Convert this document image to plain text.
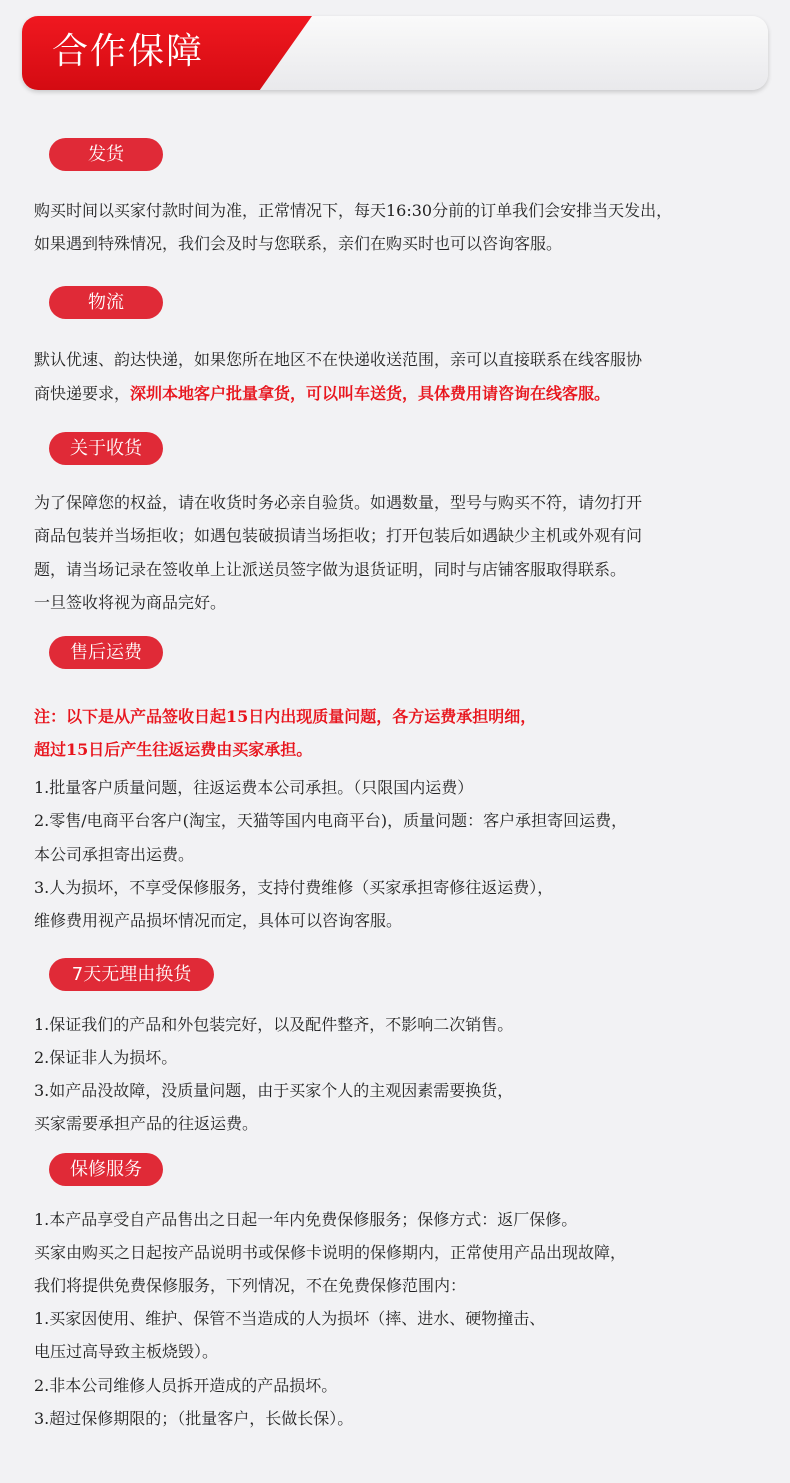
合作保障
发货
购买时间以买家付款时间为准，正常情况下，每天16:30分前的订单我们会安排当天发出，
如果遇到特殊情况，我们会及时与您联系，亲们在购买时也可以咨询客服。
物流
默认优速、韵达快递，如果您所在地区不在快递收送范围，亲可以直接联系在线客服协
商快递要求，深圳本地客户批量拿货，可以叫车送货，具体费用请咨询在线客服。
关于收货
为了保障您的权益，请在收货时务必亲自验货。如遇数量，型号与购买不符，请勿打开
商品包装并当场拒收；如遇包装破损请当场拒收；打开包装后如遇缺少主机或外观有问
题，请当场记录在签收单上让派送员签字做为退货证明，同时与店铺客服取得联系。
一旦签收将视为商品完好。
售后运费
注：以下是从产品签收日起15日内出现质量问题，各方运费承担明细，
超过15日后产生往返运费由买家承担。
1.批量客户质量问题，往返运费本公司承担。（只限国内运费）
2.零售/电商平台客户(淘宝，天猫等国内电商平台)，质量问题：客户承担寄回运费，
本公司承担寄出运费。
3.人为损坏，不享受保修服务，支持付费维修（买家承担寄修往返运费），
维修费用视产品损坏情况而定，具体可以咨询客服。
7天无理由换货
1.保证我们的产品和外包装完好，以及配件整齐，不影响二次销售。
2.保证非人为损坏。
3.如产品没故障，没质量问题，由于买家个人的主观因素需要换货，
买家需要承担产品的往返运费。
保修服务
1.本产品享受自产品售出之日起一年内免费保修服务；保修方式：返厂保修。
买家由购买之日起按产品说明书或保修卡说明的保修期内，正常使用产品出现故障，
我们将提供免费保修服务，下列情况，不在免费保修范围内：
1.买家因使用、维护、保管不当造成的人为损坏（摔、进水、硬物撞击、
电压过高导致主板烧毁）。
2.非本公司维修人员拆开造成的产品损坏。
3.超过保修期限的；（批量客户，长做长保）。
